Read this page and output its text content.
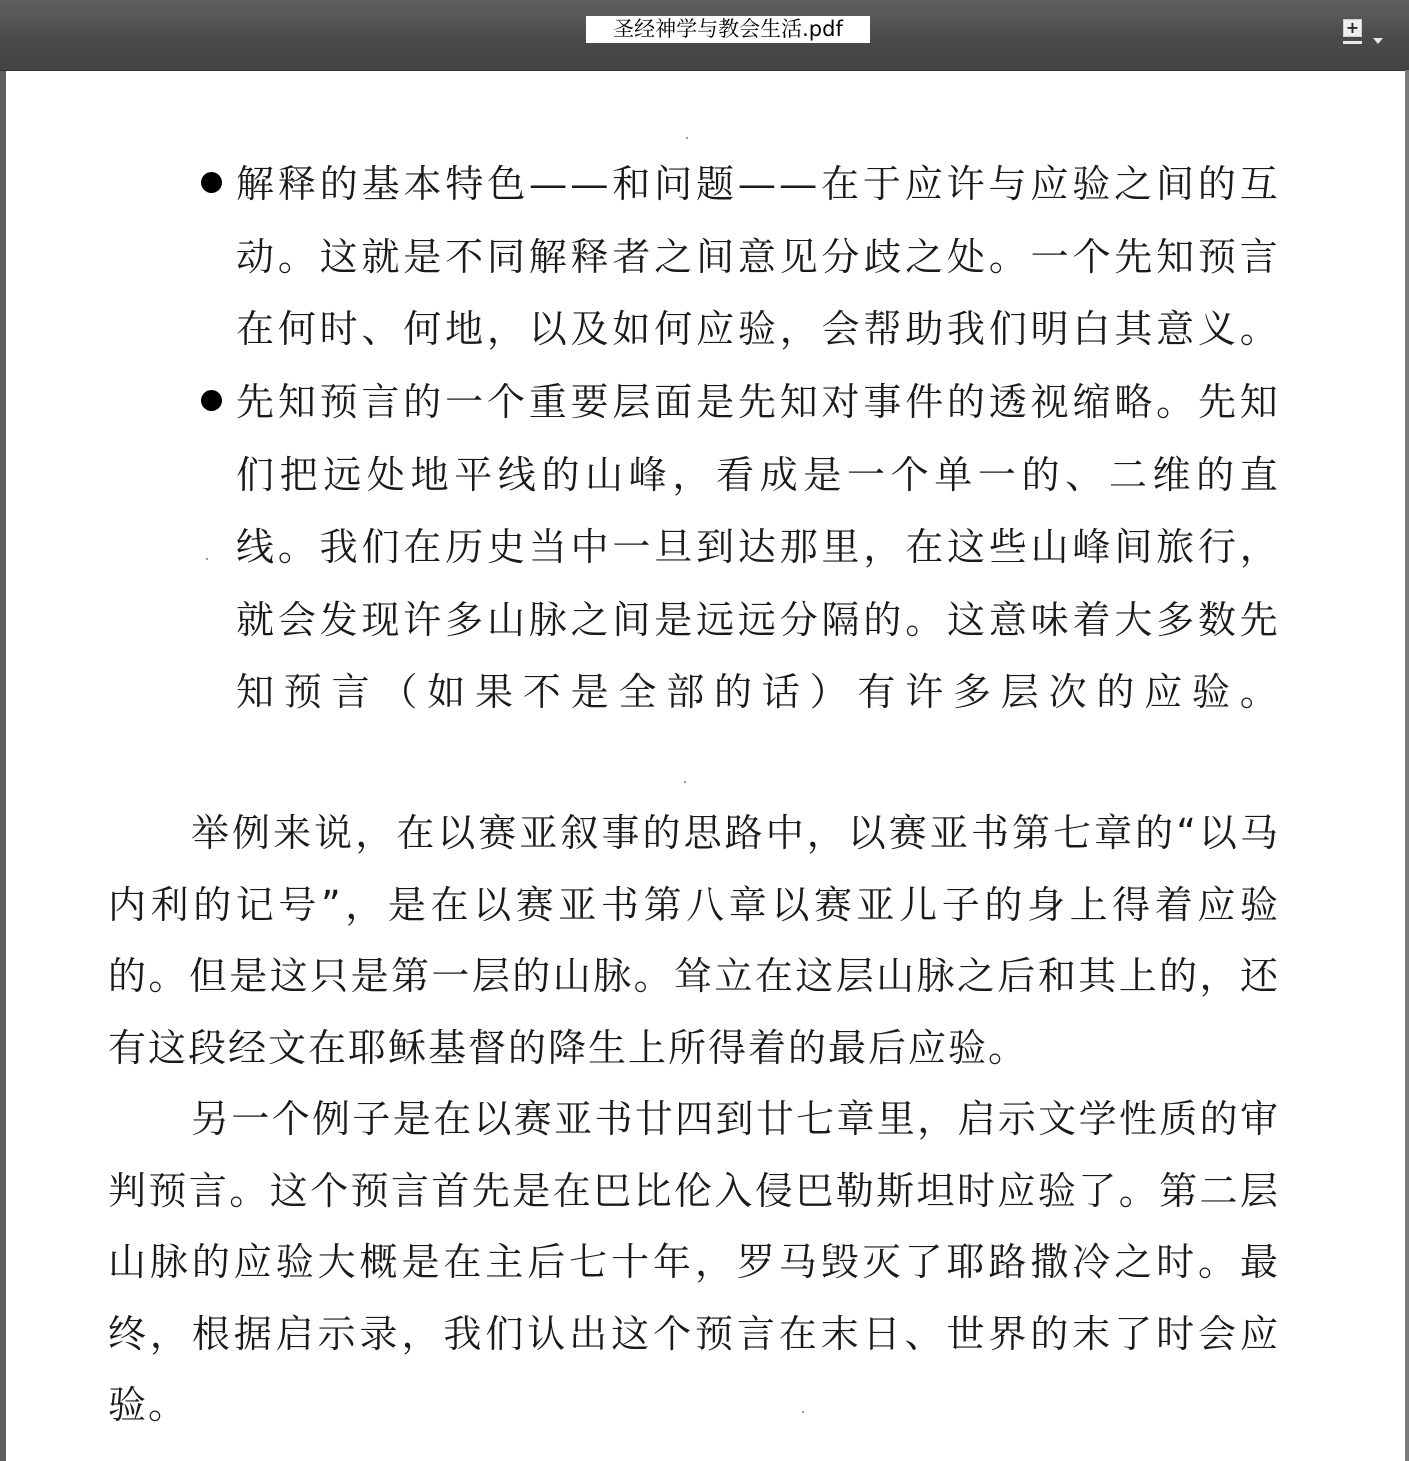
圣经神学与教会生活.pdf	+
解释的基本特色——和问题——在于应许与应验之间的互动。这就是不同解释者之间意见分歧之处。一个先知预言在何时、何地，以及如何应验，会帮助我们明白其意义。
先知预言的一个重要层面是先知对事件的透视缩略。先知们把远处地平线的山峰，看成是一个单一的、二维的直线。我们在历史当中一旦到达那里，在这些山峰间旅行，就会发现许多山脉之间是远远分隔的。这意味着大多数先知预言（如果不是全部的话）有许多层次的应验。

举例来说，在以赛亚叙事的思路中，以赛亚书第七章的“以马内利的记号”，是在以赛亚书第八章以赛亚儿子的身上得着应验的。但是这只是第一层的山脉。耸立在这层山脉之后和其上的，还有这段经文在耶稣基督的降生上所得着的最后应验。

另一个例子是在以赛亚书廿四到廿七章里，启示文学性质的审判预言。这个预言首先是在巴比伦入侵巴勒斯坦时应验了。第二层山脉的应验大概是在主后七十年，罗马毁灭了耶路撒冷之时。最终，根据启示录，我们认出这个预言在末日、世界的末了时会应验。
